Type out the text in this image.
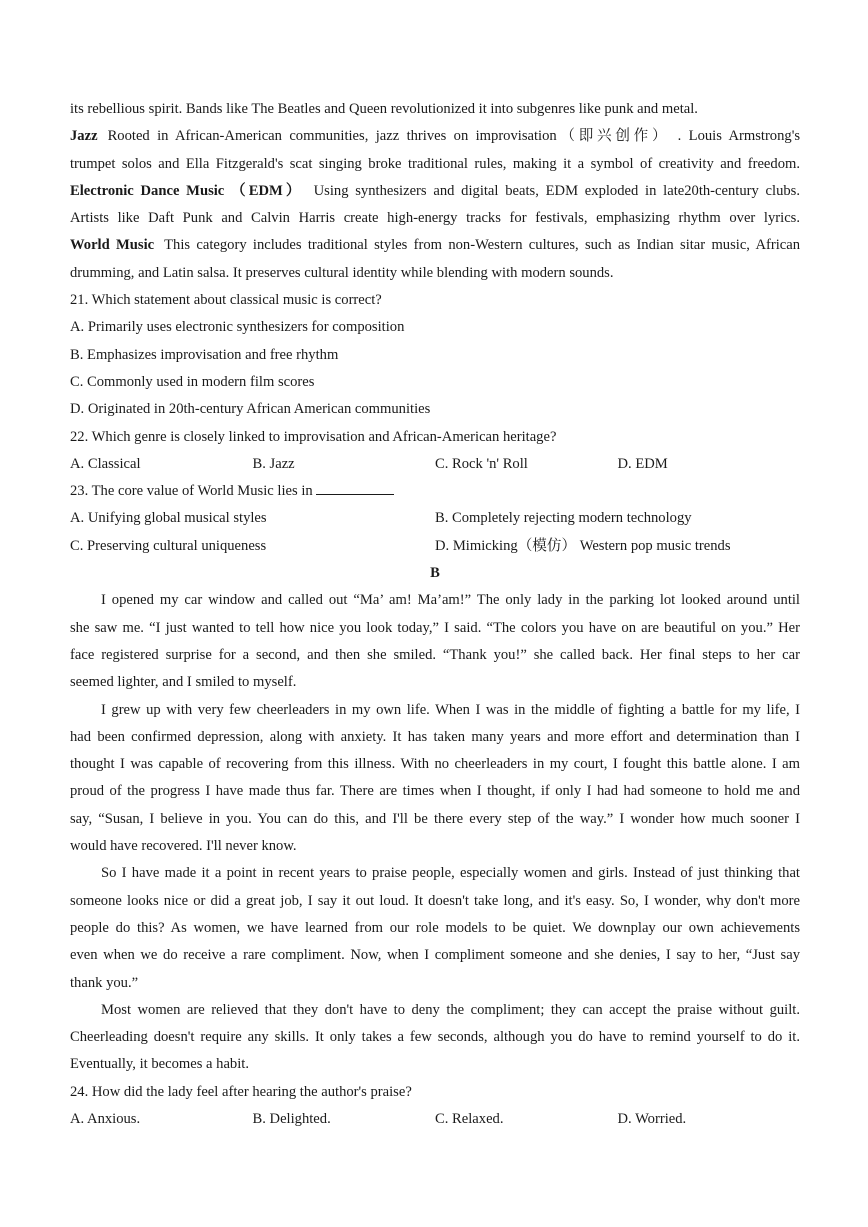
its rebellious spirit. Bands like The Beatles and Queen revolutionized it into subgenres like punk and metal.
Jazz Rooted in African-American communities, jazz thrives on improvisation（即兴创作） . Louis Armstrong's
trumpet solos and Ella Fitzgerald's scat singing broke traditional rules, making it a symbol of creativity and freedom.
Electronic Dance Music （EDM） Using synthesizers and digital beats, EDM exploded in late20th-century clubs.
Artists like Daft Punk and Calvin Harris create high-energy tracks for festivals, emphasizing rhythm over lyrics.
World Music This category includes traditional styles from non-Western cultures, such as Indian sitar music, African
drumming, and Latin salsa. It preserves cultural identity while blending with modern sounds.
21. Which statement about classical music is correct?
A. Primarily uses electronic synthesizers for composition
B. Emphasizes improvisation and free rhythm
C. Commonly used in modern film scores
D. Originated in 20th-century African American communities
22. Which genre is closely linked to improvisation and African-American heritage?
A. Classical	B. Jazz	C. Rock 'n' Roll	D. EDM
23. The core value of World Music lies in
A. Unifying global musical styles	B. Completely rejecting modern technology
C. Preserving cultural uniqueness	D. Mimicking（模仿） Western pop music trends
B
I opened my car window and called out “Ma’ am! Ma’am!” The only lady in the parking lot looked around until
she saw me. “I just wanted to tell how nice you look today,” I said. “The colors you have on are beautiful on you.” Her
face registered surprise for a second, and then she smiled. “Thank you!” she called back. Her final steps to her car
seemed lighter, and I smiled to myself.
I grew up with very few cheerleaders in my own life. When I was in the middle of fighting a battle for my life, I
had been confirmed depression, along with anxiety. It has taken many years and more effort and determination than I
thought I was capable of recovering from this illness. With no cheerleaders in my court, I fought this battle alone. I am
proud of the progress I have made thus far. There are times when I thought, if only I had had someone to hold me and
say, “Susan, I believe in you. You can do this, and I'll be there every step of the way.” I wonder how much sooner I
would have recovered. I'll never know.
So I have made it a point in recent years to praise people, especially women and girls. Instead of just thinking that
someone looks nice or did a great job, I say it out loud. It doesn't take long, and it's easy. So, I wonder, why don't more
people do this? As women, we have learned from our role models to be quiet. We downplay our own achievements
even when we do receive a rare compliment. Now, when I compliment someone and she denies, I say to her, “Just say
thank you.”
Most women are relieved that they don't have to deny the compliment; they can accept the praise without guilt.
Cheerleading doesn't require any skills. It only takes a few seconds, although you do have to remind yourself to do it.
Eventually, it becomes a habit.
24. How did the lady feel after hearing the author's praise?
A. Anxious.	B. Delighted.	C. Relaxed.	D. Worried.
